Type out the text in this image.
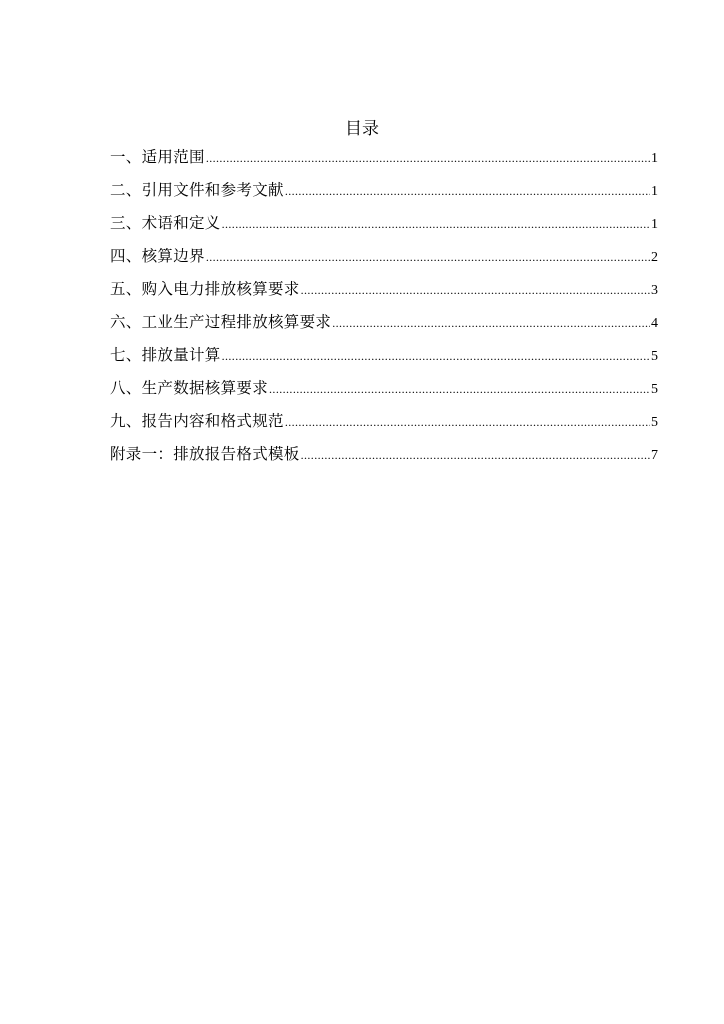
目录
一、适用范围 .....	1
二、引用文件和参考文献 .....	1
三、术语和定义 .....	1
四、核算边界 .....	2
五、购入电力排放核算要求 .....	3
六、工业生产过程排放核算要求 .....	4
七、排放量计算 .....	5
八、生产数据核算要求 .....	5
九、报告内容和格式规范 .....	5
附录一：排放报告格式模板 .....	7
